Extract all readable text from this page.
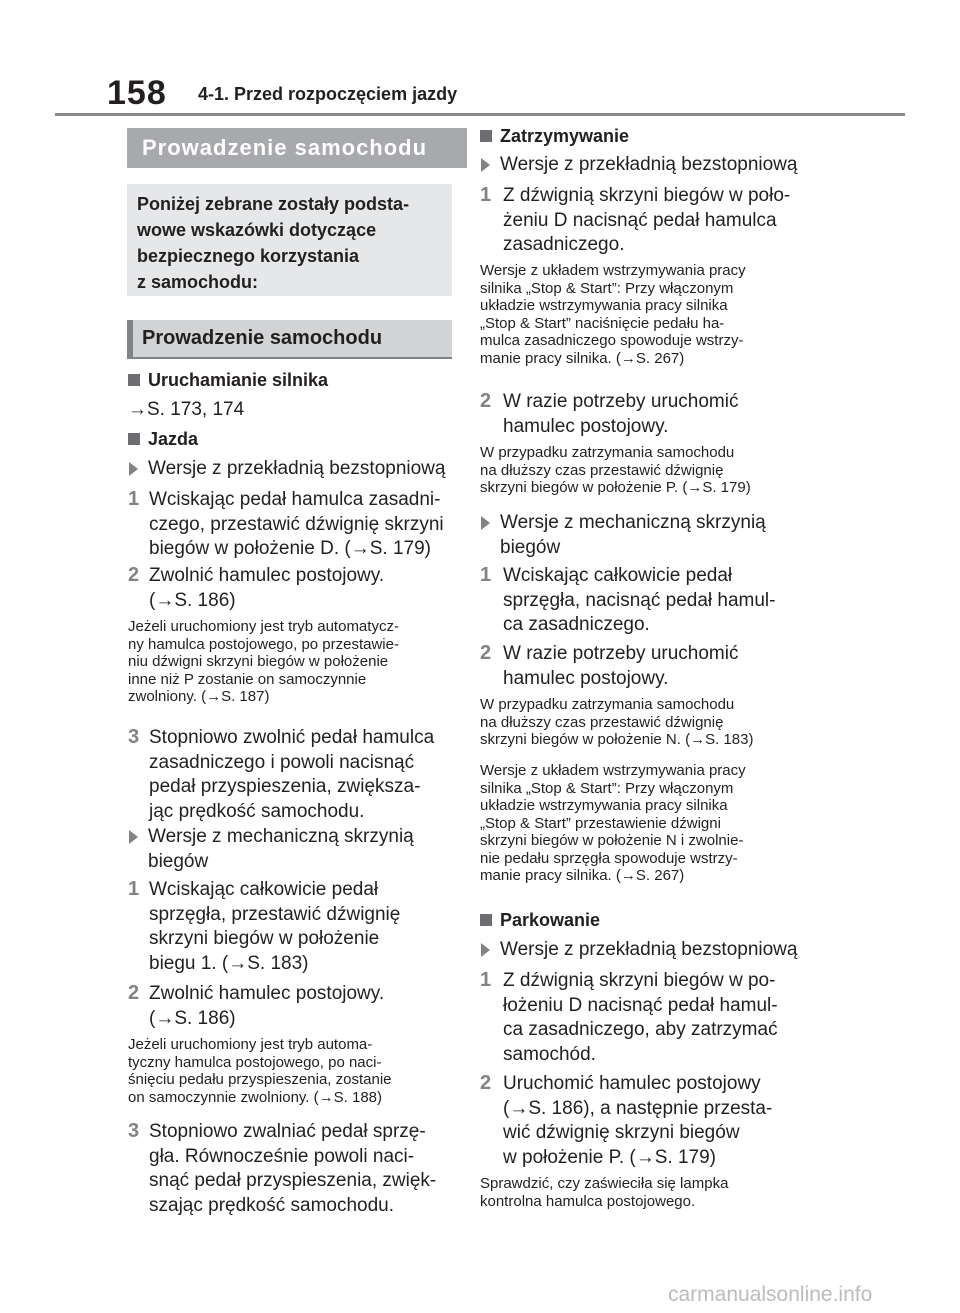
158 4-1. Przed rozpoczęciem jazdy
Prowadzenie samochodu
Poniżej zebrane zostały podsta-
wowe wskazówki dotyczące
bezpiecznego korzystania
z samochodu:
Prowadzenie samochodu
Uruchamianie silnika
→S. 173, 174
Jazda
Wersje z przekładnią bezstopniową
1 Wciskając pedał hamulca zasadni-
czego, przestawić dźwignię skrzyni
biegów w położenie D. (→S. 179)
2 Zwolnić hamulec postojowy.
(→S. 186)
Jeżeli uruchomiony jest tryb automatycz-
ny hamulca postojowego, po przestawie-
niu dźwigni skrzyni biegów w położenie
inne niż P zostanie on samoczynnie
zwolniony. (→S. 187)
3 Stopniowo zwolnić pedał hamulca
zasadniczego i powoli nacisnąć
pedał przyspieszenia, zwiększa-
jąc prędkość samochodu.
Wersje z mechaniczną skrzynią
biegów
1 Wciskając całkowicie pedał
sprzęgła, przestawić dźwignię
skrzyni biegów w położenie
biegu 1. (→S. 183)
2 Zwolnić hamulec postojowy.
(→S. 186)
Jeżeli uruchomiony jest tryb automa-
tyczny hamulca postojowego, po naci-
śnięciu pedału przyspieszenia, zostanie
on samoczynnie zwolniony. (→S. 188)
3 Stopniowo zwalniać pedał sprzę-
gła. Równocześnie powoli naci-
snąć pedał przyspieszenia, zwięk-
szając prędkość samochodu.
Zatrzymywanie
Wersje z przekładnią bezstopniową
1 Z dźwignią skrzyni biegów w poło-
żeniu D nacisnąć pedał hamulca
zasadniczego.
Wersje z układem wstrzymywania pracy
silnika „Stop & Start”: Przy włączonym
układzie wstrzymywania pracy silnika
„Stop & Start” naciśnięcie pedału ha-
mulca zasadniczego spowoduje wstrzy-
manie pracy silnika. (→S. 267)
2 W razie potrzeby uruchomić
hamulec postojowy.
W przypadku zatrzymania samochodu
na dłuższy czas przestawić dźwignię
skrzyni biegów w położenie P. (→S. 179)
Wersje z mechaniczną skrzynią
biegów
1 Wciskając całkowicie pedał
sprzęgła, nacisnąć pedał hamul-
ca zasadniczego.
2 W razie potrzeby uruchomić
hamulec postojowy.
W przypadku zatrzymania samochodu
na dłuższy czas przestawić dźwignię
skrzyni biegów w położenie N. (→S. 183)
Wersje z układem wstrzymywania pracy
silnika „Stop & Start”: Przy włączonym
układzie wstrzymywania pracy silnika
„Stop & Start” przestawienie dźwigni
skrzyni biegów w położenie N i zwolnie-
nie pedału sprzęgła spowoduje wstrzy-
manie pracy silnika. (→S. 267)
Parkowanie
Wersje z przekładnią bezstopniową
1 Z dźwignią skrzyni biegów w po-
łożeniu D nacisnąć pedał hamul-
ca zasadniczego, aby zatrzymać
samochód.
2 Uruchomić hamulec postojowy
(→S. 186), a następnie przesta-
wić dźwignię skrzyni biegów
w położenie P. (→S. 179)
Sprawdzić, czy zaświeciła się lampka
kontrolna hamulca postojowego.
carmanualsonline.info
